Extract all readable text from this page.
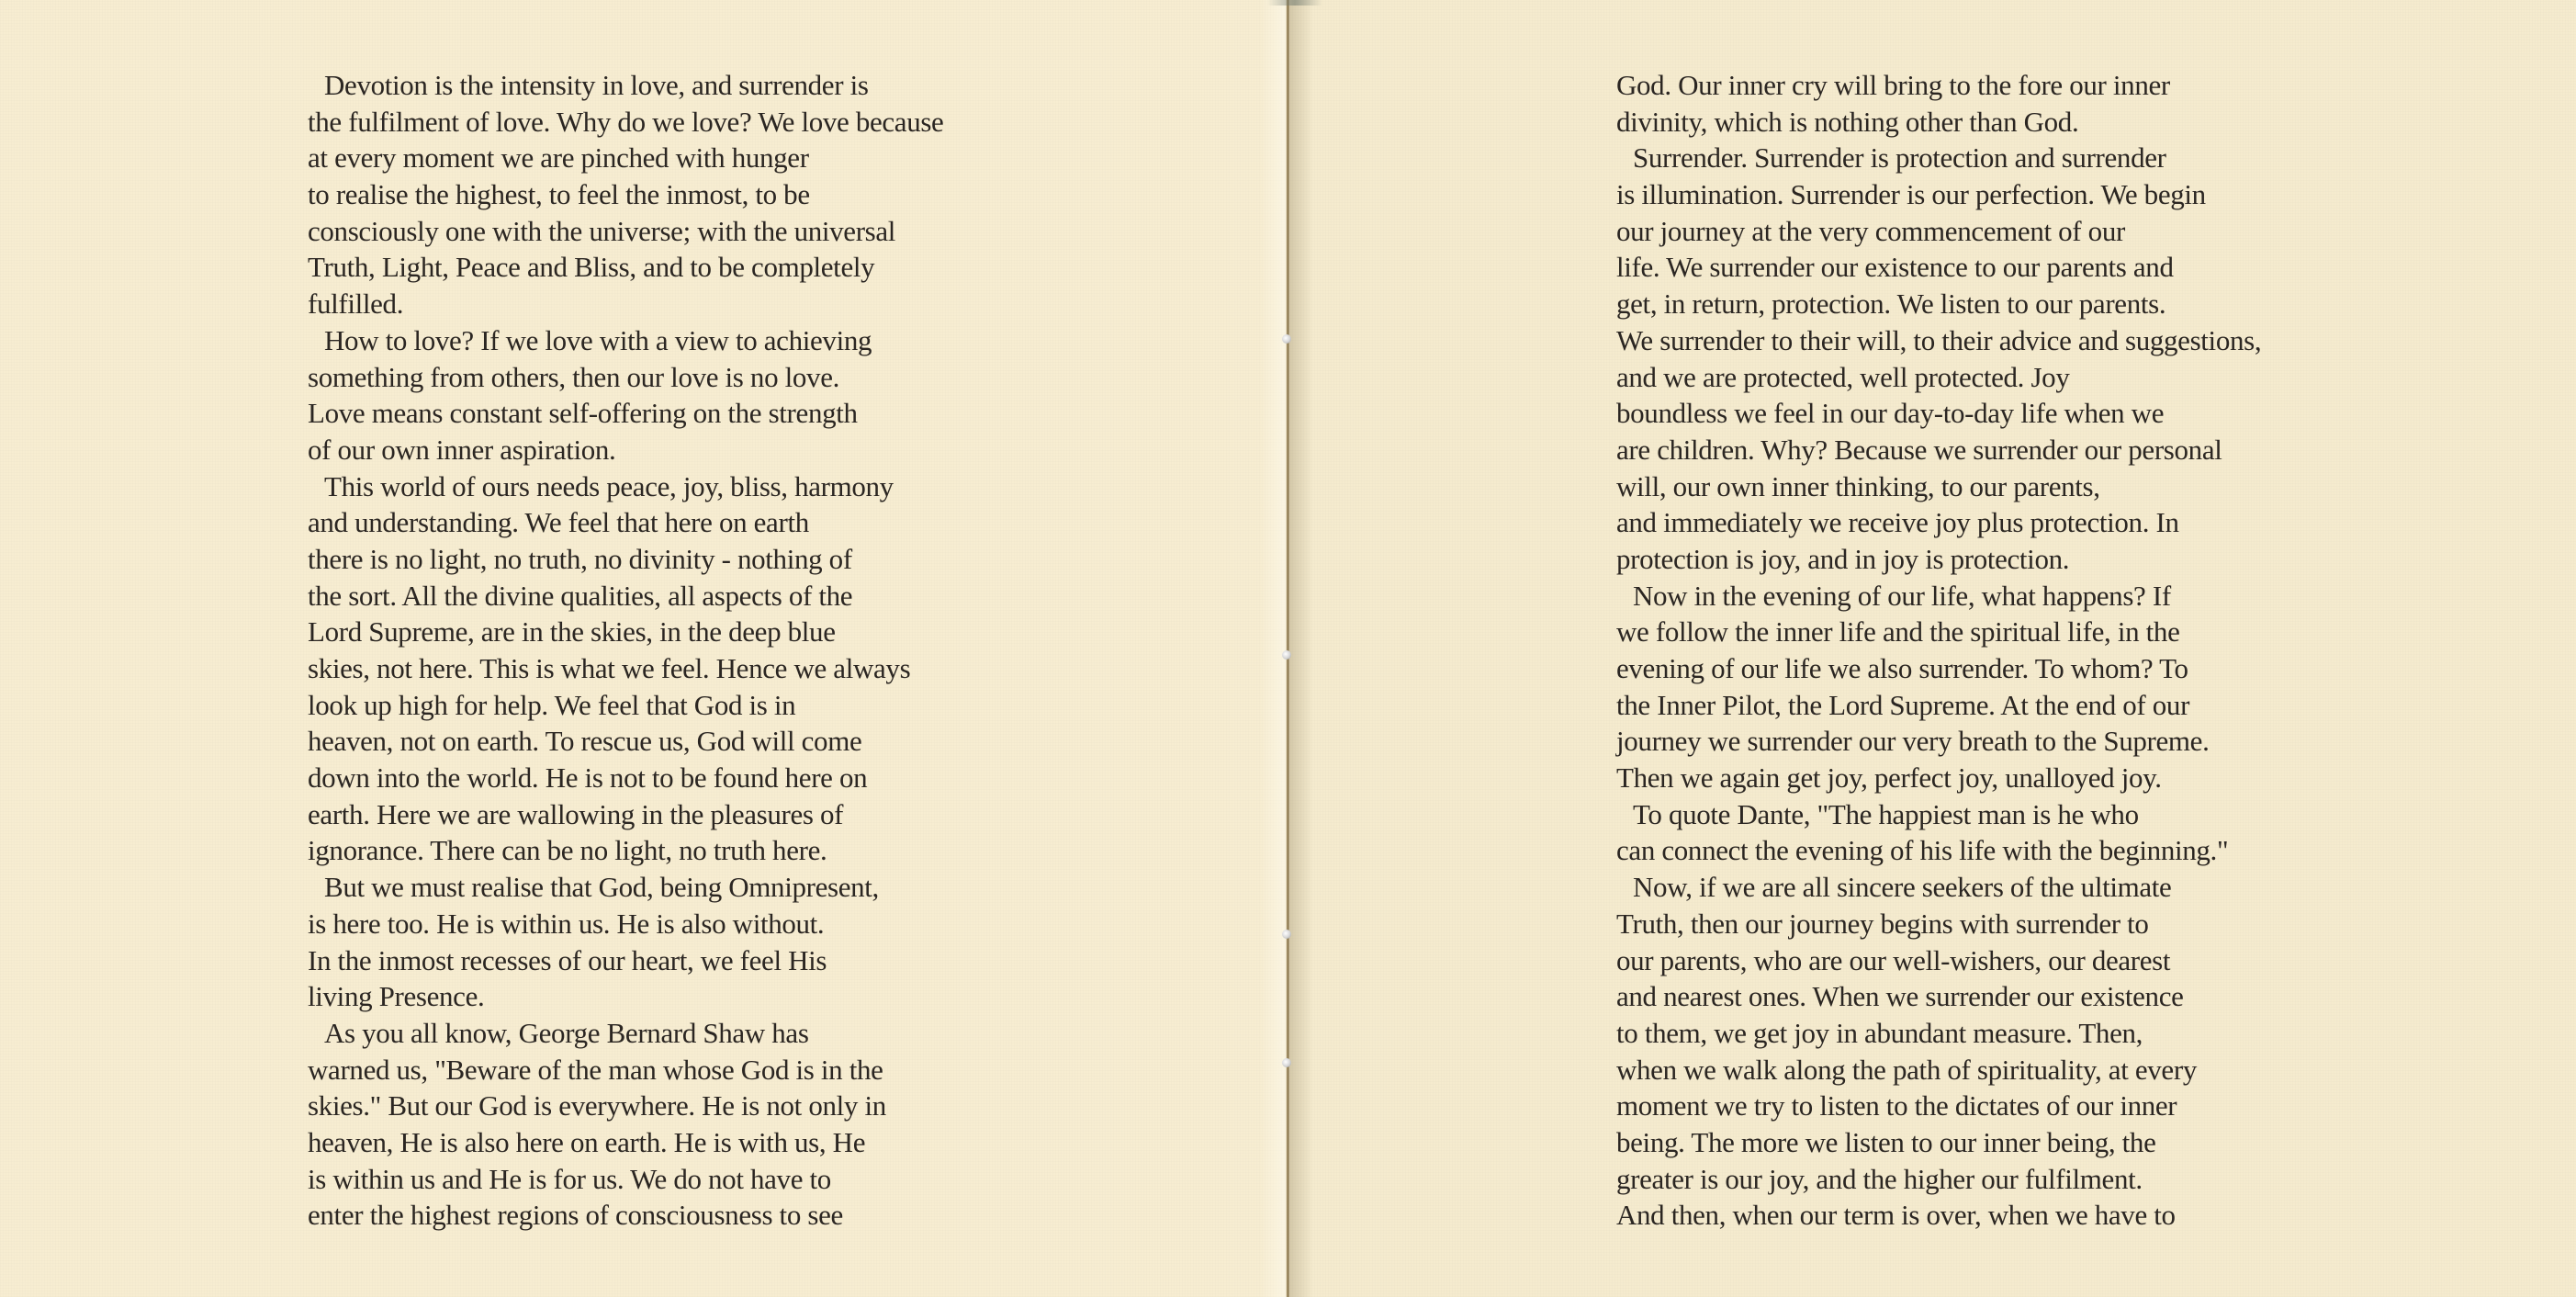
Devotion is the intensity in love, and surrender is
the fulfilment of love. Why do we love? We love because
at every moment we are pinched with hunger
to realise the highest, to feel the inmost, to be
consciously one with the universe; with the universal
Truth, Light, Peace and Bliss, and to be completely
fulfilled.
How to love? If we love with a view to achieving
something from others, then our love is no love.
Love means constant self-offering on the strength
of our own inner aspiration.
This world of ours needs peace, joy, bliss, harmony
and understanding. We feel that here on earth
there is no light, no truth, no divinity - nothing of
the sort. All the divine qualities, all aspects of the
Lord Supreme, are in the skies, in the deep blue
skies, not here. This is what we feel. Hence we always
look up high for help. We feel that God is in
heaven, not on earth. To rescue us, God will come
down into the world. He is not to be found here on
earth. Here we are wallowing in the pleasures of
ignorance. There can be no light, no truth here.
But we must realise that God, being Omnipresent,
is here too. He is within us. He is also without.
In the inmost recesses of our heart, we feel His
living Presence.
As you all know, George Bernard Shaw has
warned us, "Beware of the man whose God is in the
skies." But our God is everywhere. He is not only in
heaven, He is also here on earth. He is with us, He
is within us and He is for us. We do not have to
enter the highest regions of consciousness to see
God. Our inner cry will bring to the fore our inner
divinity, which is nothing other than God.
Surrender. Surrender is protection and surrender
is illumination. Surrender is our perfection. We begin
our journey at the very commencement of our
life. We surrender our existence to our parents and
get, in return, protection. We listen to our parents.
We surrender to their will, to their advice and suggestions,
and we are protected, well protected. Joy
boundless we feel in our day-to-day life when we
are children. Why? Because we surrender our personal
will, our own inner thinking, to our parents,
and immediately we receive joy plus protection. In
protection is joy, and in joy is protection.
Now in the evening of our life, what happens? If
we follow the inner life and the spiritual life, in the
evening of our life we also surrender. To whom? To
the Inner Pilot, the Lord Supreme. At the end of our
journey we surrender our very breath to the Supreme.
Then we again get joy, perfect joy, unalloyed joy.
To quote Dante, "The happiest man is he who
can connect the evening of his life with the beginning."
Now, if we are all sincere seekers of the ultimate
Truth, then our journey begins with surrender to
our parents, who are our well-wishers, our dearest
and nearest ones. When we surrender our existence
to them, we get joy in abundant measure. Then,
when we walk along the path of spirituality, at every
moment we try to listen to the dictates of our inner
being. The more we listen to our inner being, the
greater is our joy, and the higher our fulfilment.
And then, when our term is over, when we have to
